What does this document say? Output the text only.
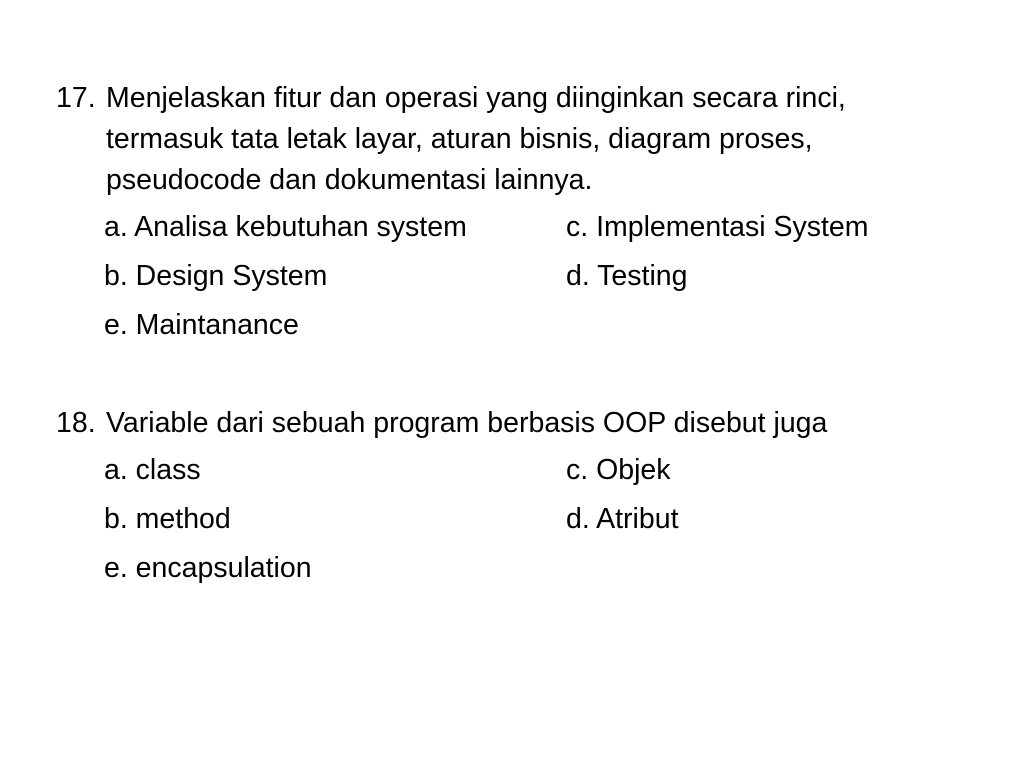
17. Menjelaskan fitur dan operasi yang diinginkan secara rinci, termasuk tata letak layar, aturan bisnis, diagram proses, pseudocode dan dokumentasi lainnya.
a. Analisa kebutuhan system	c. Implementasi System
b. Design System	d. Testing
e. Maintanance
18. Variable dari sebuah program berbasis OOP disebut juga
a. class	c. Objek
b. method	d. Atribut
e. encapsulation
